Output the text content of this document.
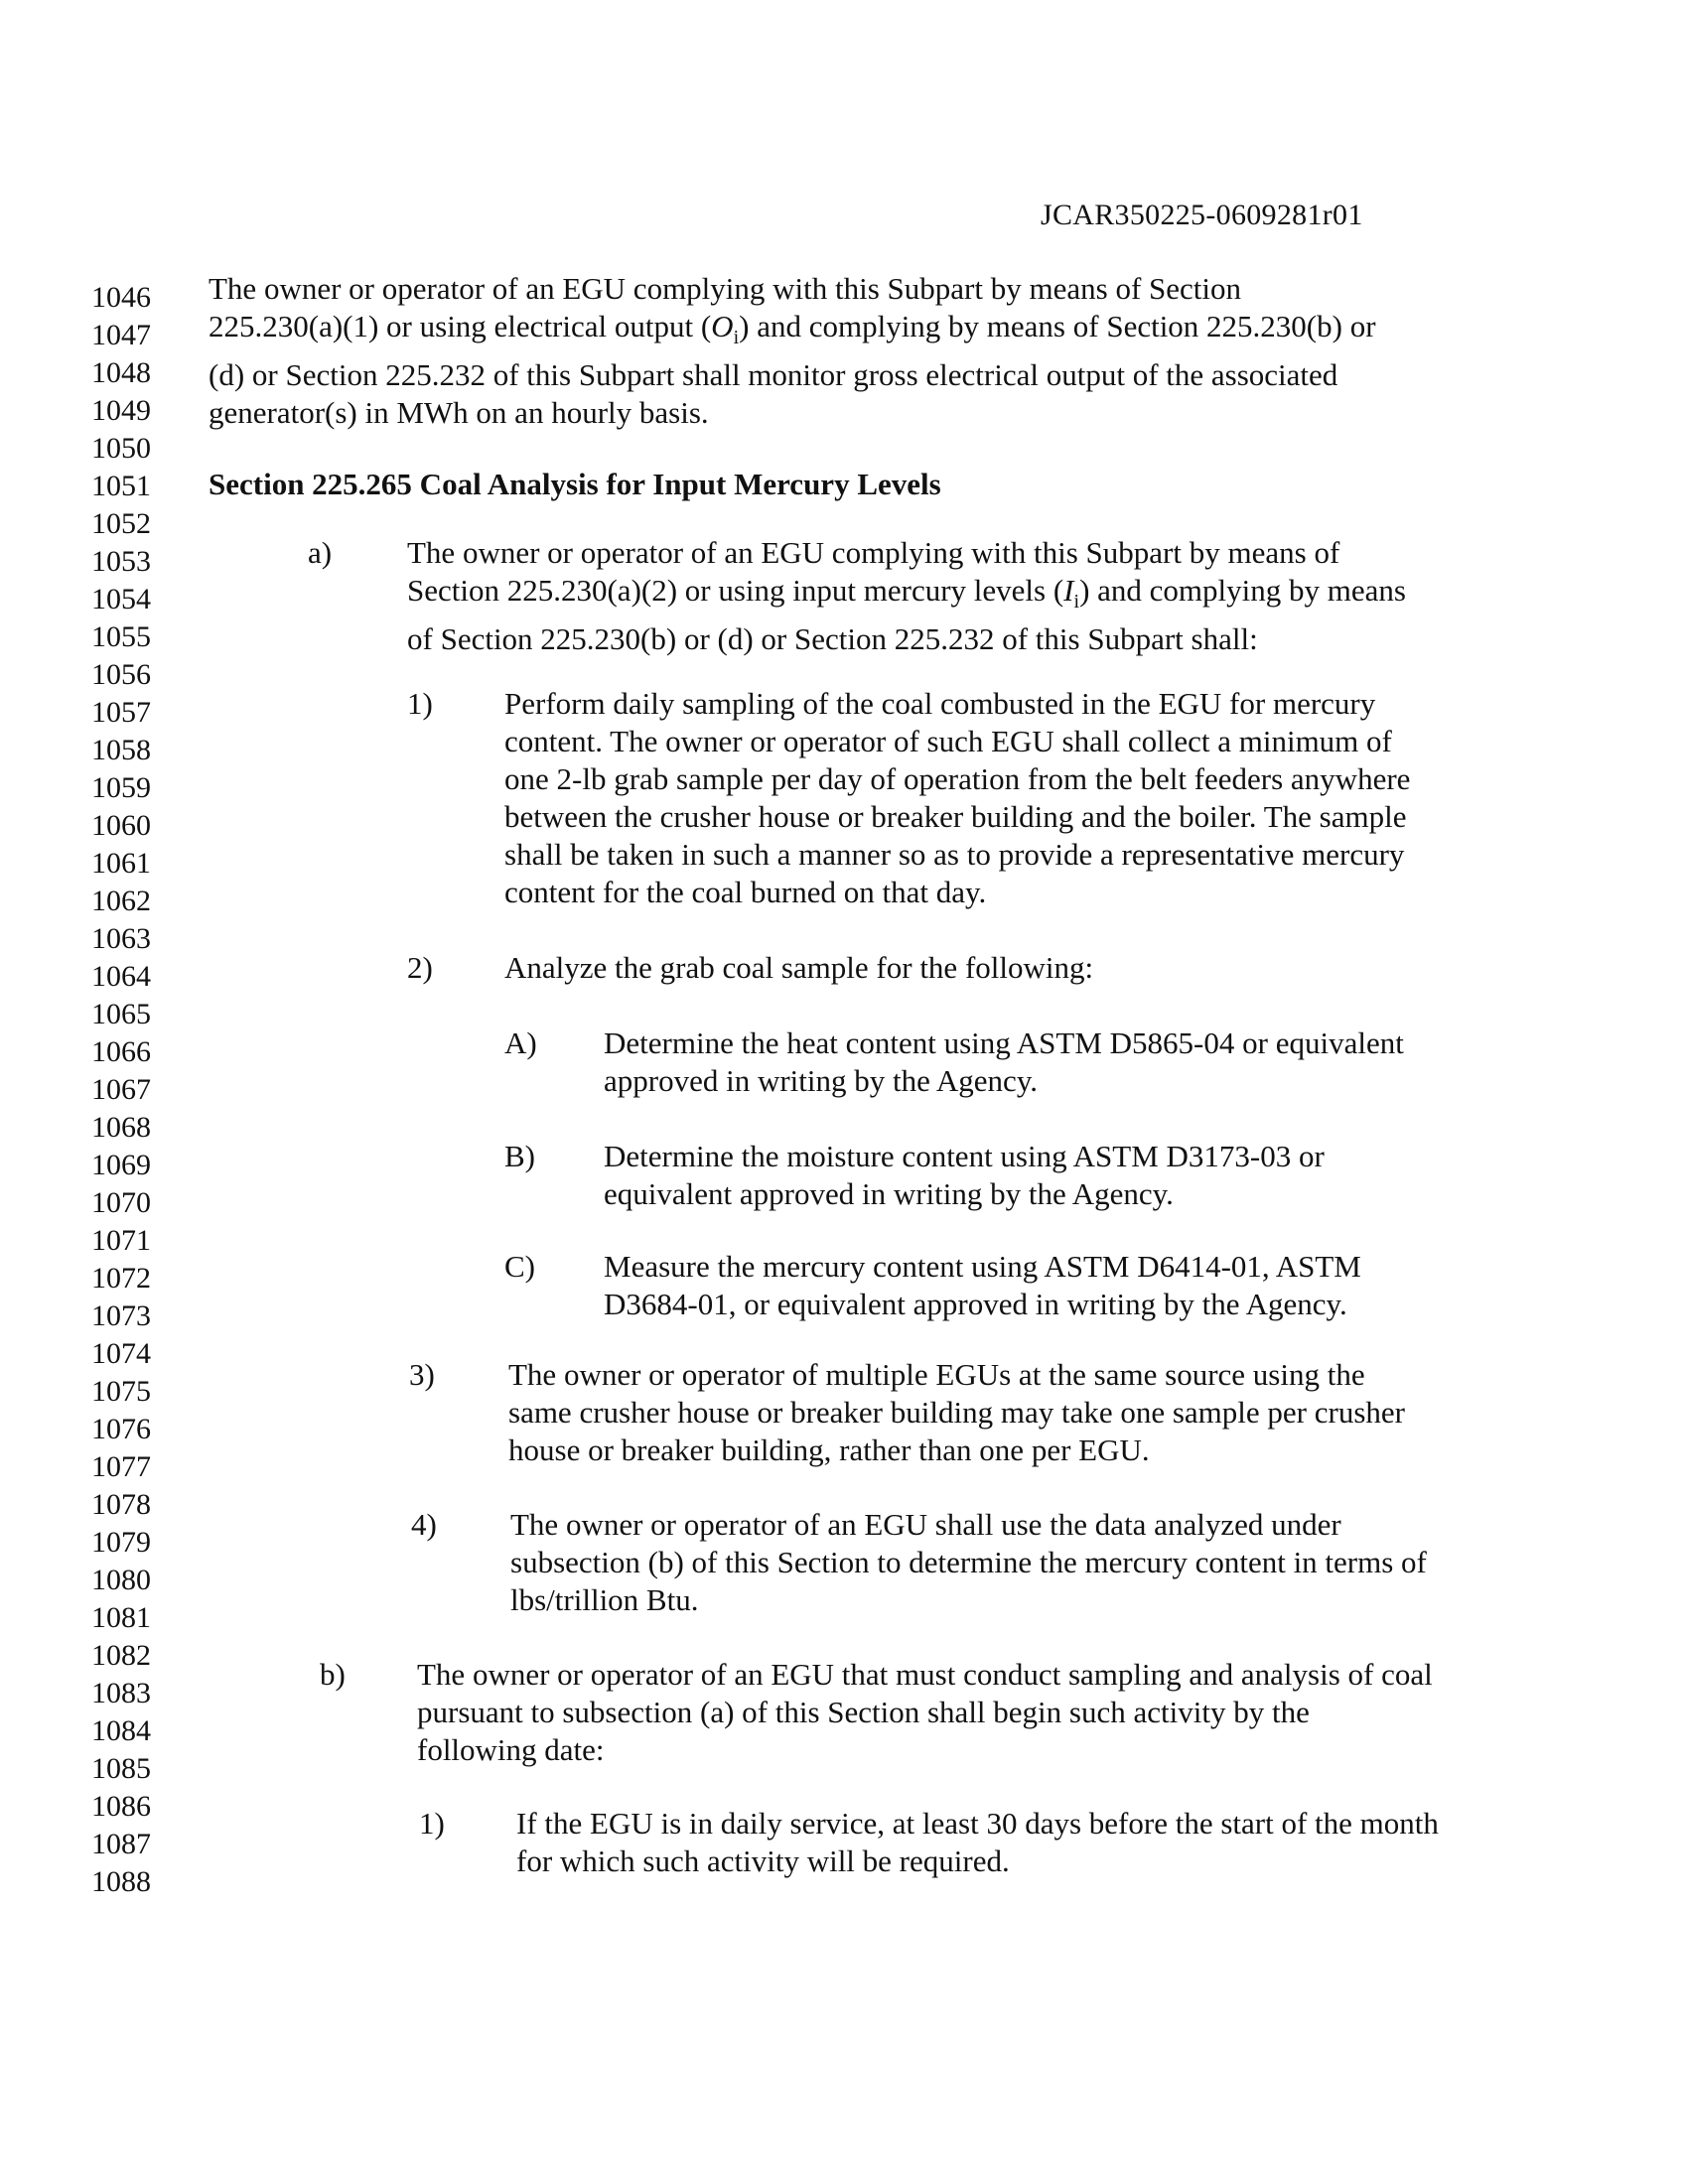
JCAR350225-0609281r01
1046
1047
1048
1049
1050
1051
1052
1053
1054
1055
1056
1057
1058
1059
1060
1061
1062
1063
1064
1065
1066
1067
1068
1069
1070
1071
1072
1073
1074
1075
1076
1077
1078
1079
1080
1081
1082
1083
1084
1085
1086
1087
1088
The owner or operator of an EGU complying with this Subpart by means of Section
225.230(a)(1) or using electrical output $(O_i)$ and complying by means of Section 225.230(b) or
(d) or Section 225.232 of this Subpart shall monitor gross electrical output of the associated
generator(s) in MWh on an hourly basis.
Section 225.265 Coal Analysis for Input Mercury Levels
a) The owner or operator of an EGU complying with this Subpart by means of
Section 225.230(a)(2) or using input mercury levels $(I_i)$ and complying by means
of Section 225.230(b) or (d) or Section 225.232 of this Subpart shall:
1) Perform daily sampling of the coal combusted in the EGU for mercury
content. The owner or operator of such EGU shall collect a minimum of
one 2-lb grab sample per day of operation from the belt feeders anywhere
between the crusher house or breaker building and the boiler. The sample
shall be taken in such a manner so as to provide a representative mercury
content for the coal burned on that day.
2) Analyze the grab coal sample for the following:
A) Determine the heat content using ASTM D5865-04 or equivalent
approved in writing by the Agency.
B) Determine the moisture content using ASTM D3173-03 or
equivalent approved in writing by the Agency.
C) Measure the mercury content using ASTM D6414-01, ASTM
D3684-01, or equivalent approved in writing by the Agency.
3) The owner or operator of multiple EGUs at the same source using the
same crusher house or breaker building may take one sample per crusher
house or breaker building, rather than one per EGU.
4) The owner or operator of an EGU shall use the data analyzed under
subsection (b) of this Section to determine the mercury content in terms of
lbs/trillion Btu.
b) The owner or operator of an EGU that must conduct sampling and analysis of coal
pursuant to subsection (a) of this Section shall begin such activity by the
following date:
1) If the EGU is in daily service, at least 30 days before the start of the month
for which such activity will be required.
